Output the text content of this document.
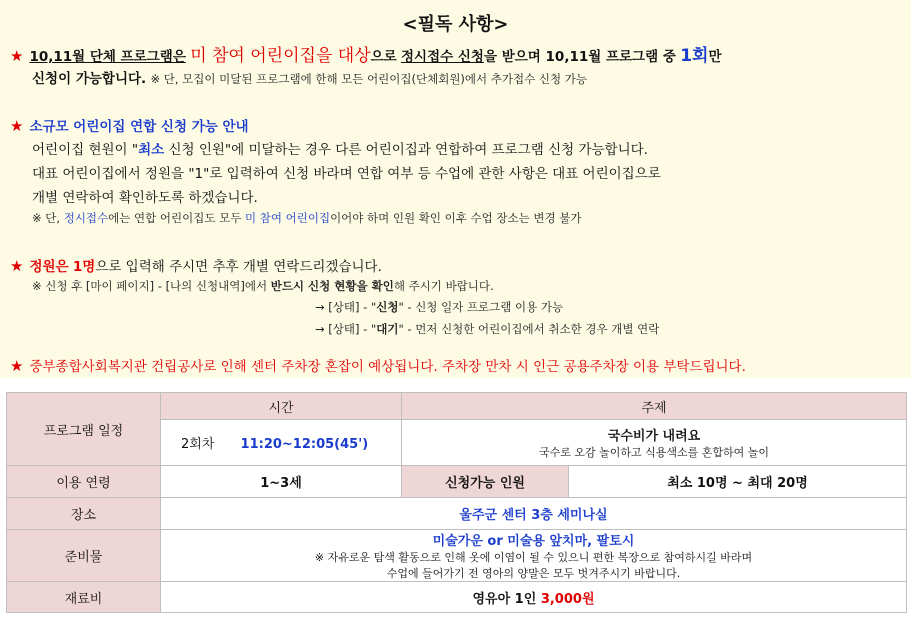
<필독 사항>
★ 10,11월 단체 프로그램은 미 참여 어린이집을 대상으로 정시접수 신청을 받으며 10,11월 프로그램 중 1회만
신청이 가능합니다. ※ 단, 모집이 미달된 프로그램에 한해 모든 어린이집(단체회원)에서 추가접수 신청 가능
★ 소규모 어린이집 연합 신청 가능 안내
어린이집 현원이 "최소 신청 인원"에 미달하는 경우 다른 어린이집과 연합하여 프로그램 신청 가능합니다.
대표 어린이집에서 정원을 "1"로 입력하여 신청 바라며 연합 여부 등 수업에 관한 사항은 대표 어린이집으로
개별 연락하여 확인하도록 하겠습니다.
※ 단, 정시접수에는 연합 어린이집도 모두 미 참여 어린이집이어야 하며 인원 확인 이후 수업 장소는 변경 불가
★ 정원은 1명으로 입력해 주시면 추후 개별 연락드리겠습니다.
※ 신청 후 [마이 페이지] - [나의 신청내역]에서 반드시 신청 현황을 확인해 주시기 바랍니다.
→ [상태] - "신청" - 신청 일자 프로그램 이용 가능
→ [상태] - "대기" - 먼저 신청한 어린이집에서 취소한 경우 개별 연락
★ 중부종합사회복지관 건립공사로 인해 센터 주차장 혼잡이 예상됩니다. 주차장 만차 시 인근 공용주차장 이용 부탁드립니다.
프로그램 일정	시간	주제	
	2회차 11:20~12:05(45')	국수비가 내려요
국수로 오감 놀이하고 식용색소를 혼합하여 놀이	

이용 연령	1~3세	신청가능 인원	최소 10명 ~ 최대 20명
장소	울주군 센터 3층 세미나실		
준비물	미술가운 or 미술용 앞치마, 팔토시
※ 자유로운 탐색 활동으로 인해 옷에 이염이 될 수 있으니 편한 복장으로 참여하시길 바라며
수업에 들어가기 전 영아의 양말은 모두 벗겨주시기 바랍니다.		

재료비	영유아 1인 3,000원		
